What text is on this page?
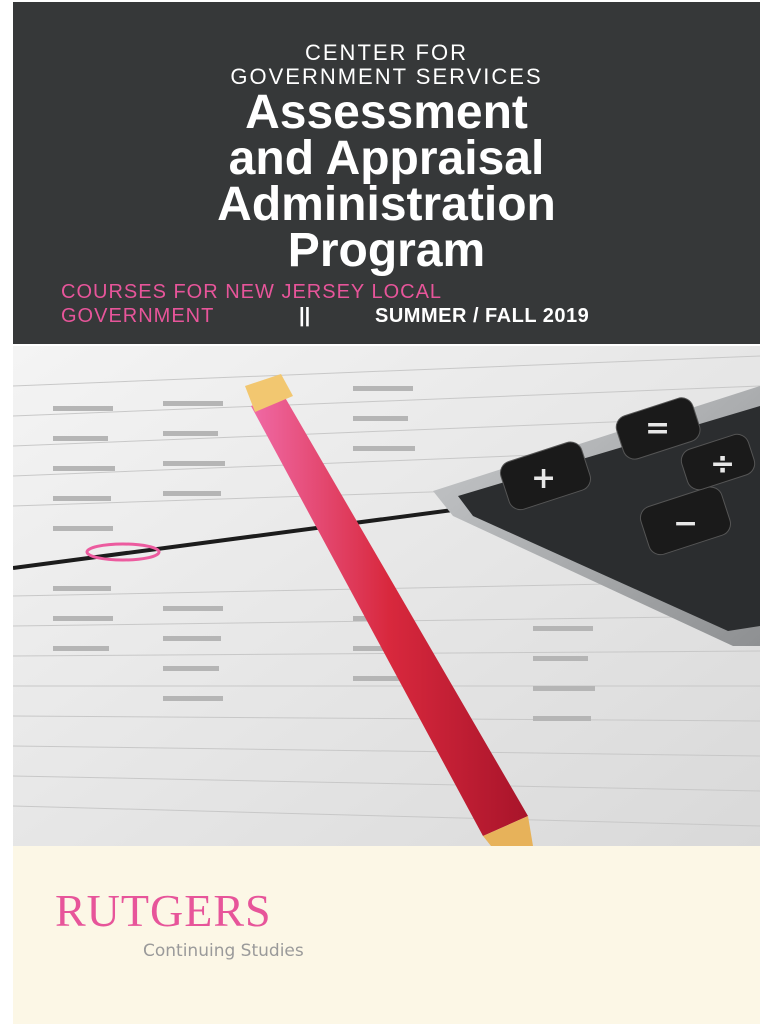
CENTER FOR
GOVERNMENT SERVICES
Assessment
and Appraisal
Administration
Program
COURSES FOR NEW JERSEY LOCAL
GOVERNMENT	||	SUMMER / FALL 2019
+
=
−
÷
RUTGERS
Continuing Studies
